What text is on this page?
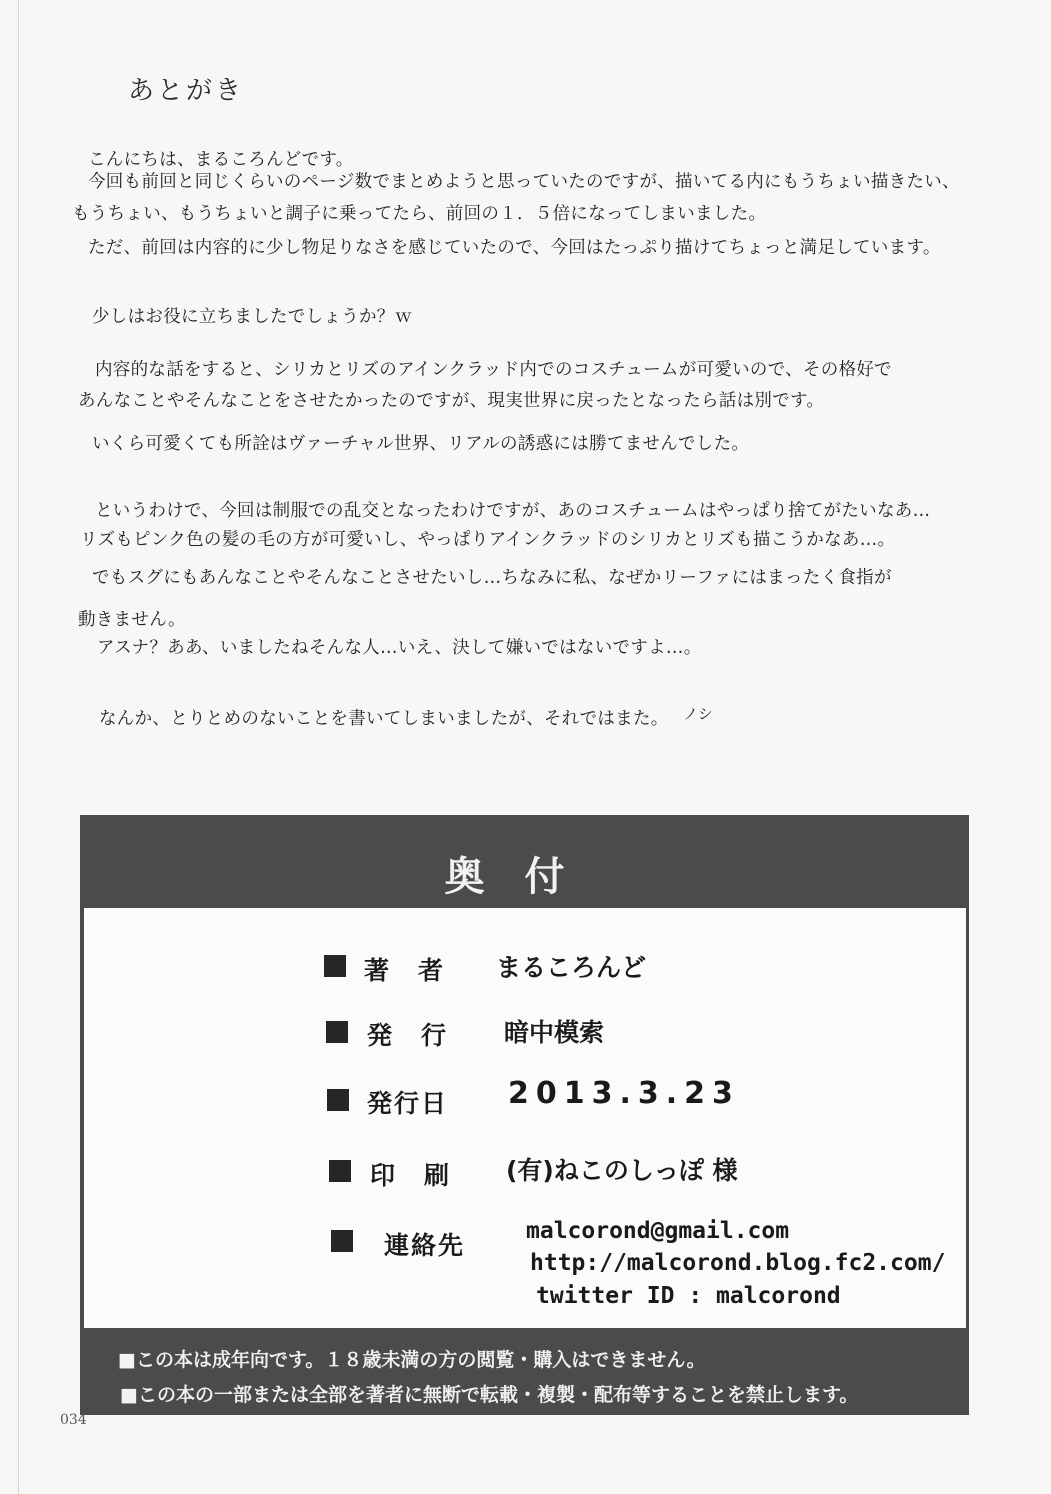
あとがき
こんにちは、まるころんどです。
今回も前回と同じくらいのページ数でまとめようと思っていたのですが、描いてる内にもうちょい描きたい、
もうちょい、もうちょいと調子に乗ってたら、前回の１．５倍になってしまいました。
ただ、前回は内容的に少し物足りなさを感じていたので、今回はたっぷり描けてちょっと満足しています。
少しはお役に立ちましたでしょうか？ｗ
内容的な話をすると、シリカとリズのアインクラッド内でのコスチュームが可愛いので、その格好で
あんなことやそんなことをさせたかったのですが、現実世界に戻ったとなったら話は別です。
いくら可愛くても所詮はヴァーチャル世界、リアルの誘惑には勝てませんでした。
というわけで、今回は制服での乱交となったわけですが、あのコスチュームはやっぱり捨てがたいなあ…
リズもピンク色の髪の毛の方が可愛いし、やっぱりアインクラッドのシリカとリズも描こうかなあ…。
でもスグにもあんなことやそんなことさせたいし…ちなみに私、なぜかリーファにはまったく食指が
動きません。
アスナ？ああ、いましたねそんな人…いえ、決して嫌いではないですよ…。
なんか、とりとめのないことを書いてしまいましたが、それではまた。 ノシ
奥付
著　者 まるころんど
発　行 暗中模索
発行日 2013.3.23
印　刷 (有)ねこのしっぽ 様
連絡先	malcorond@gmail.com
http://malcorond.blog.fc2.com/
twitter ID : malcorond
■この本は成年向です。１８歳未満の方の閲覧・購入はできません。
■この本の一部または全部を著者に無断で転載・複製・配布等することを禁止します。
034
